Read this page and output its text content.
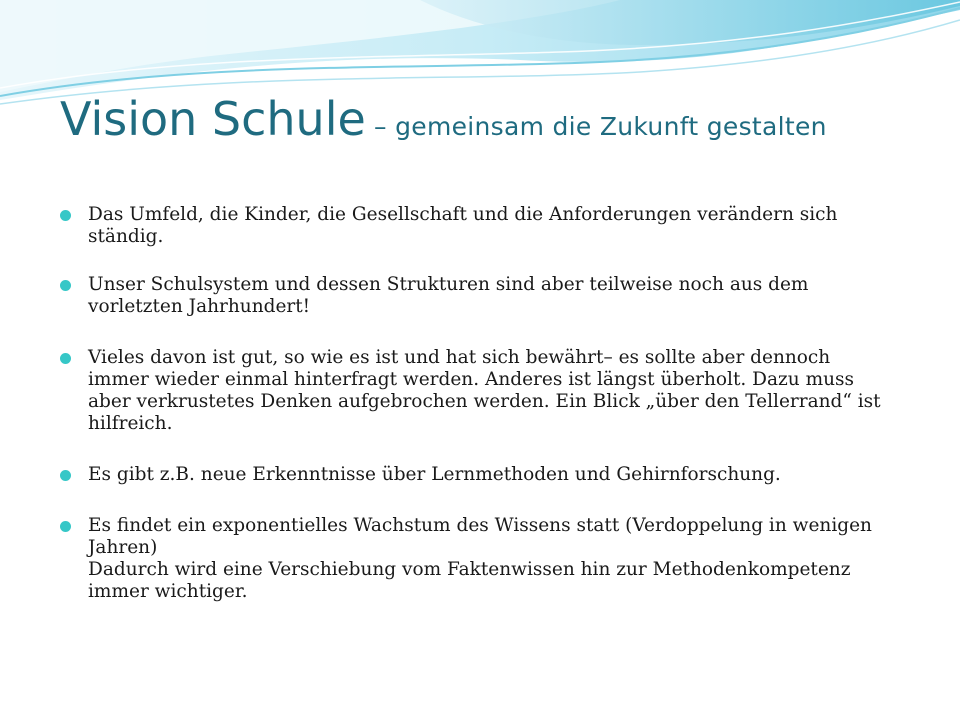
Vision Schule – gemeinsam die Zukunft gestalten
Das Umfeld, die Kinder, die Gesellschaft und die Anforderungen verändern sich
ständig.
Unser Schulsystem und dessen Strukturen sind aber teilweise noch aus dem
vorletzten Jahrhundert!
Vieles davon ist gut, so wie es ist und hat sich bewährt– es sollte aber dennoch
immer wieder einmal hinterfragt werden. Anderes ist längst überholt. Dazu muss
aber verkrustetes Denken aufgebrochen werden. Ein Blick „über den Tellerrand“ ist
hilfreich.
Es gibt z.B. neue Erkenntnisse über Lernmethoden und Gehirnforschung.
Es findet ein exponentielles Wachstum des Wissens statt (Verdoppelung in wenigen
Jahren)
Dadurch wird eine Verschiebung vom Faktenwissen hin zur Methodenkompetenz
immer wichtiger.
